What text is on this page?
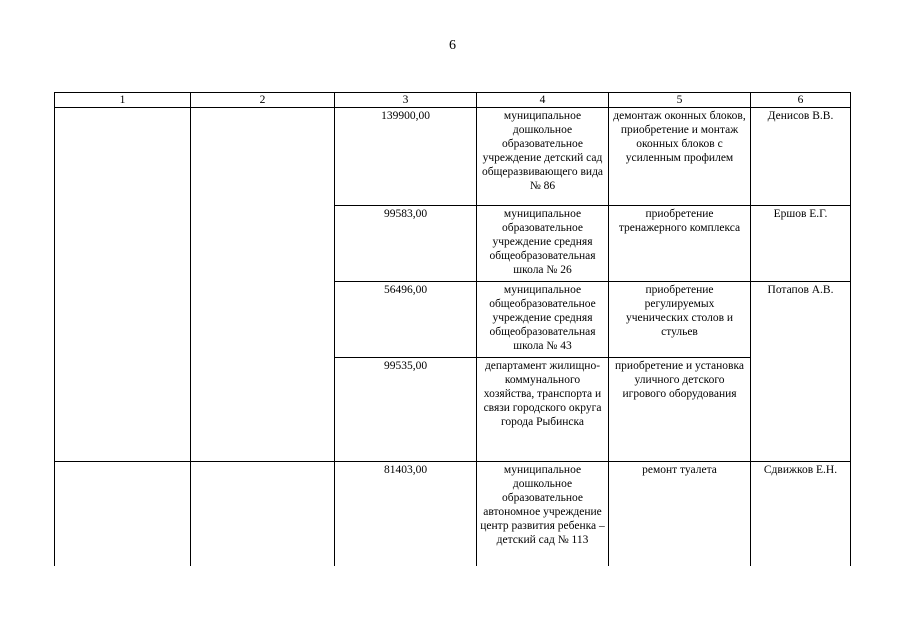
6
1	2	3	4	5	6
		139900,00	муниципальное дошкольное образовательное учреждение детский сад общеразвивающего вида № 86	демонтаж оконных блоков, приобретение и монтаж оконных блоков с усиленным профилем	Денисов В.В.
		99583,00	муниципальное образовательное учреждение средняя общеобразовательная школа № 26	приобретение тренажерного комплекса	Ершов Е.Г.
		56496,00	муниципальное общеобразовательное учреждение средняя общеобразовательная школа № 43	приобретение регулируемых ученических столов и стульев	Потапов А.В.
		99535,00	департамент жилищно-коммунального хозяйства, транспорта и связи городского округа города Рыбинска	приобретение и установка уличного детского игрового оборудования	
		81403,00	муниципальное дошкольное образовательное автономное учреждение центр развития ребенка – детский сад № 113	ремонт туалета	Сдвижков Е.Н.
